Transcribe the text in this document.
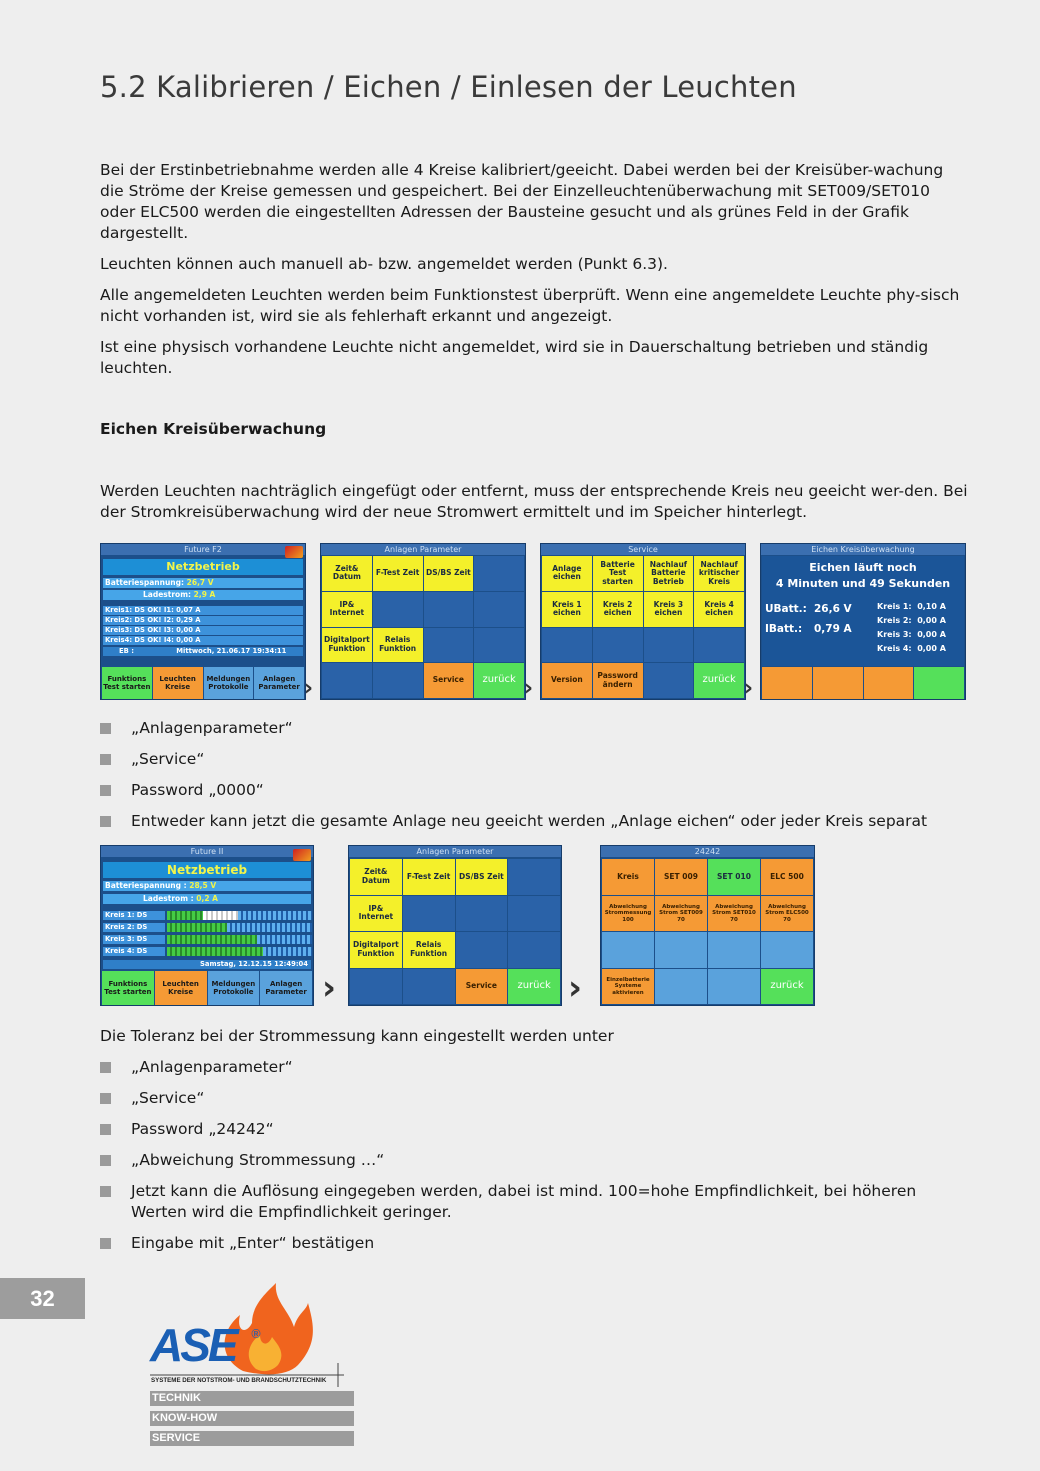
5.2 Kalibrieren / Eichen / Einlesen der Leuchten

Bei der Erstinbetriebnahme werden alle 4 Kreise kalibriert/geeicht. Dabei werden bei der Kreisüber-wachung die Ströme der Kreise gemessen und gespeichert. Bei der Einzelleuchtenüberwachung mit SET009/SET010 oder ELC500 werden die eingestellten Adressen der Bausteine gesucht und als grünes Feld in der Grafik dargestellt.

Leuchten können auch manuell ab- bzw. angemeldet werden (Punkt 6.3).

Alle angemeldeten Leuchten werden beim Funktionstest überprüft. Wenn eine angemeldete Leuchte phy-sisch nicht vorhanden ist, wird sie als fehlerhaft erkannt und angezeigt.

Ist eine physisch vorhandene Leuchte nicht angemeldet, wird sie in Dauerschaltung betrieben und ständig leuchten.

Eichen Kreisüberwachung

Werden Leuchten nachträglich eingefügt oder entfernt, muss der entsprechende Kreis neu geeicht wer-den. Bei der Stromkreisüberwachung wird der neue Stromwert ermittelt und im Speicher hinterlegt.

Future F2
Netzbetrieb
Batteriespannung: 26,7 V
Ladestrom: 2,9 A
Kreis1: DS OK! I1: 0,07 A
Kreis2: DS OK! I2: 0,29 A
Kreis3: DS OK! I3: 0,00 A
Kreis4: DS OK! I4: 0,00 A
EB :	Mittwoch, 21.06.17 19:34:11
Funktions Test starten
Leuchten Kreise
Meldungen Protokolle
Anlagen Parameter ›
Anlagen Parameter
Zeit& Datum	F-Test Zeit DS/BS Zeit
IP& Internet
Digitalport Funktion
Relais Funktion
Service	zurück ›
Service
Anlage eichen
Batterie Test starten
Nachlauf Batterie Betrieb
Nachlauf kritischer Kreis
Kreis 1 eichen
Kreis 2 eichen
Kreis 3 eichen
Kreis 4 eichen
Version	Password ändern	zurück ›
Eichen Kreisüberwachung
Eichen läuft noch
4 Minuten und 49 Sekunden
UBatt.: 26,6 V
IBatt.: 0,79 A
Kreis 1:  0,10 A
Kreis 2:  0,00 A
Kreis 3:  0,00 A
Kreis 4:  0,00 A
„Anlagenparameter“
„Service“
Password „0000“
Entweder kann jetzt die gesamte Anlage neu geeicht werden „Anlage eichen“ oder jeder Kreis separat
Future II
Netzbetrieb
Batteriespannung : 28,5 V
Ladestrom : 0,2 A
Kreis 1: DS
Kreis 2: DS
Kreis 3: DS
Kreis 4: DS
Samstag, 12.12.15 12:49:04
Funktions Test starten
Leuchten Kreise
Meldungen Protokolle
Anlagen Parameter ›
Anlagen Parameter
Zeit& Datum	F-Test Zeit	DS/BS Zeit
IP& Internet
Digitalport Funktion
Relais Funktion
Service	zurück ›
24242
Kreis	SET 009	SET 010	ELC 500
Abweichung Strommessung 100
Abweichung Strom SET009 70
Abweichung Strom SET010 70
Abweichung Strom ELC500 70
Einzelbatterie Systeme aktivieren
zurück

Die Toleranz bei der Strommessung kann eingestellt werden unter

„Anlagenparameter“
„Service“
Password „24242“
„Abweichung Strommessung …“
Jetzt kann die Auflösung eingegeben werden, dabei ist mind. 100=hohe Empfindlichkeit, bei höheren Werten wird die Empfindlichkeit geringer.
Eingabe mit „Enter“ bestätigen
32
ASE ®
SYSTEME DER NOTSTROM- UND BRANDSCHUTZTECHNIK
TECHNIK
KNOW-HOW
SERVICE
